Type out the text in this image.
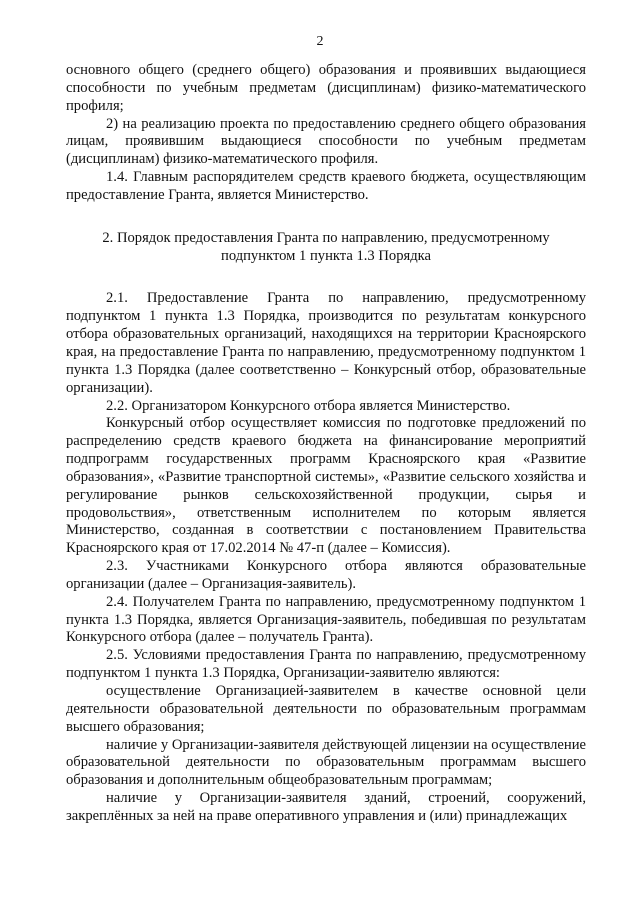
2

основного общего (среднего общего) образования и проявивших выдающиеся способности по учебным предметам (дисциплинам) физико-математического профиля;

2) на реализацию проекта по предоставлению среднего общего образования лицам, проявившим выдающиеся способности по учебным предметам (дисциплинам) физико-математического профиля.

1.4. Главным распорядителем средств краевого бюджета, осуществляющим предоставление Гранта, является Министерство.

2. Порядок предоставления Гранта по направлению, предусмотренному
подпунктом 1 пункта 1.3 Порядка

2.1. Предоставление Гранта по направлению, предусмотренному подпунктом 1 пункта 1.3 Порядка, производится по результатам конкурсного отбора образовательных организаций, находящихся на территории Красноярского края, на предоставление Гранта по направлению, предусмотренному подпунктом 1 пункта 1.3 Порядка (далее соответственно – Конкурсный отбор, образовательные организации).

2.2. Организатором Конкурсного отбора является Министерство.

Конкурсный отбор осуществляет комиссия по подготовке предложений по распределению средств краевого бюджета на финансирование мероприятий подпрограмм государственных программ Красноярского края «Развитие образования», «Развитие транспортной системы», «Развитие сельского хозяйства и регулирование рынков сельскохозяйственной продукции, сырья и продовольствия», ответственным исполнителем по которым является Министерство, созданная в соответствии с постановлением Правительства Красноярского края от 17.02.2014 № 47-п (далее – Комиссия).

2.3. Участниками Конкурсного отбора являются образовательные организации (далее – Организация-заявитель).

2.4. Получателем Гранта по направлению, предусмотренному подпунктом 1 пункта 1.3 Порядка, является Организация-заявитель, победившая по результатам Конкурсного отбора (далее – получатель Гранта).

2.5. Условиями предоставления Гранта по направлению, предусмотренному подпунктом 1 пункта 1.3 Порядка, Организации-заявителю являются:

осуществление Организацией-заявителем в качестве основной цели деятельности образовательной деятельности по образовательным программам высшего образования;

наличие у Организации-заявителя действующей лицензии на осуществление образовательной деятельности по образовательным программам высшего образования и дополнительным общеобразовательным программам;

наличие у Организации-заявителя зданий, строений, сооружений, закреплённых за ней на праве оперативного управления и (или) принадлежащих
